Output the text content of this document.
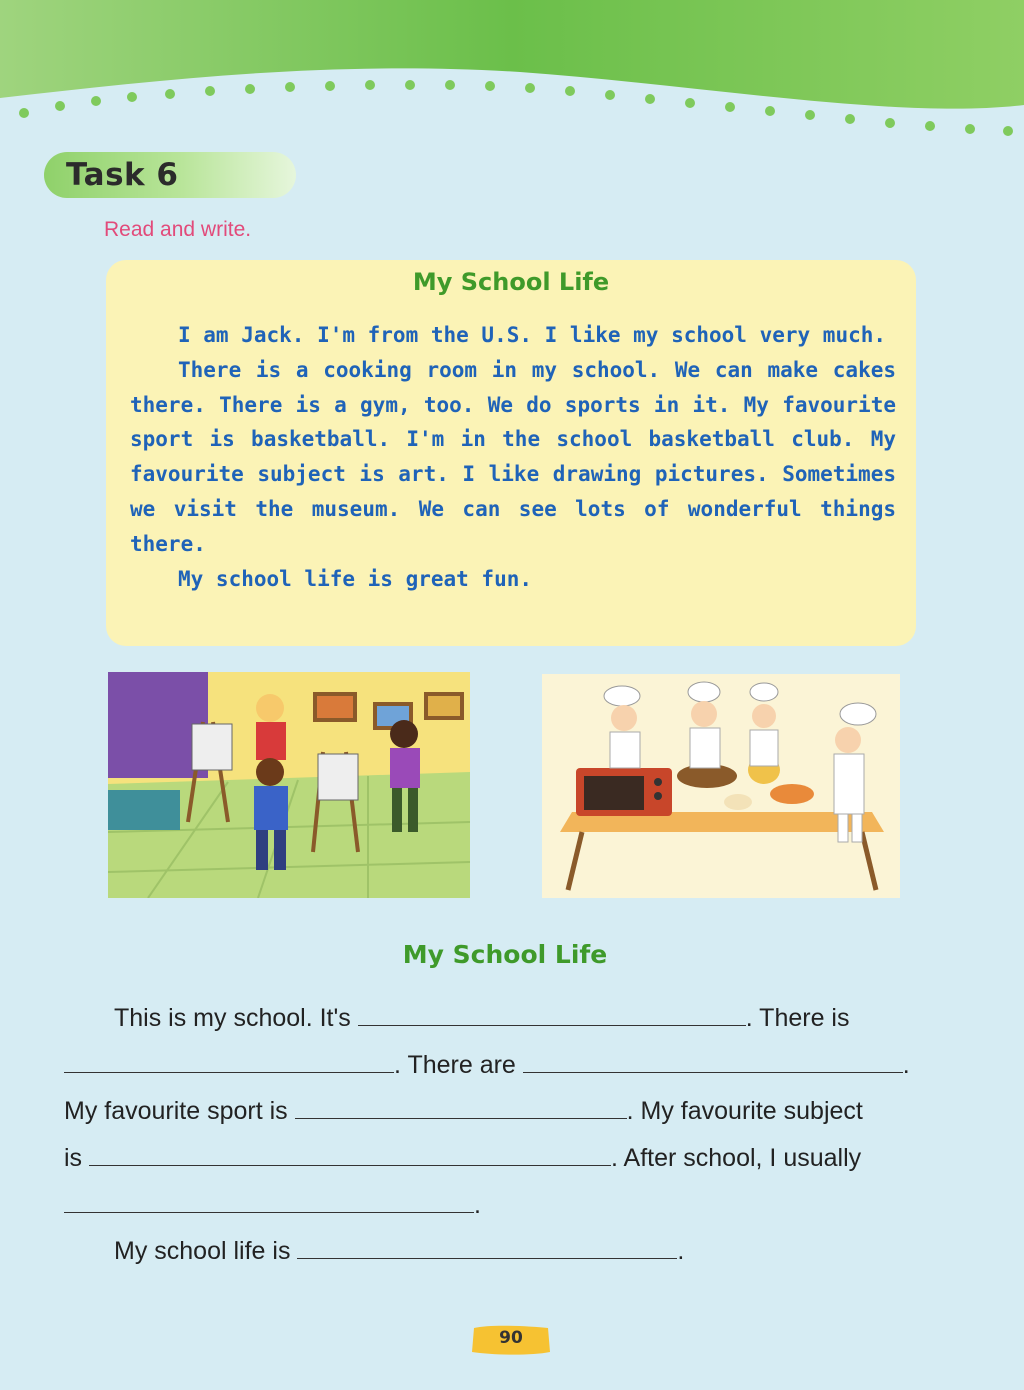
Task 6
Read and write.
My School Life

I am Jack. I'm from the U.S. I like my school very much.

There is a cooking room in my school. We can make cakes there. There is a gym, too. We do sports in it. My favourite sport is basketball. I'm in the school basketball club. My favourite subject is art. I like drawing pictures. Sometimes we visit the museum. We can see lots of wonderful things there.

My school life is great fun.

My School Life
This is my school. It's	. There is
. There are	.
My favourite sport is	. My favourite subject
is	. After school, I usually
.
My school life is	.
90
